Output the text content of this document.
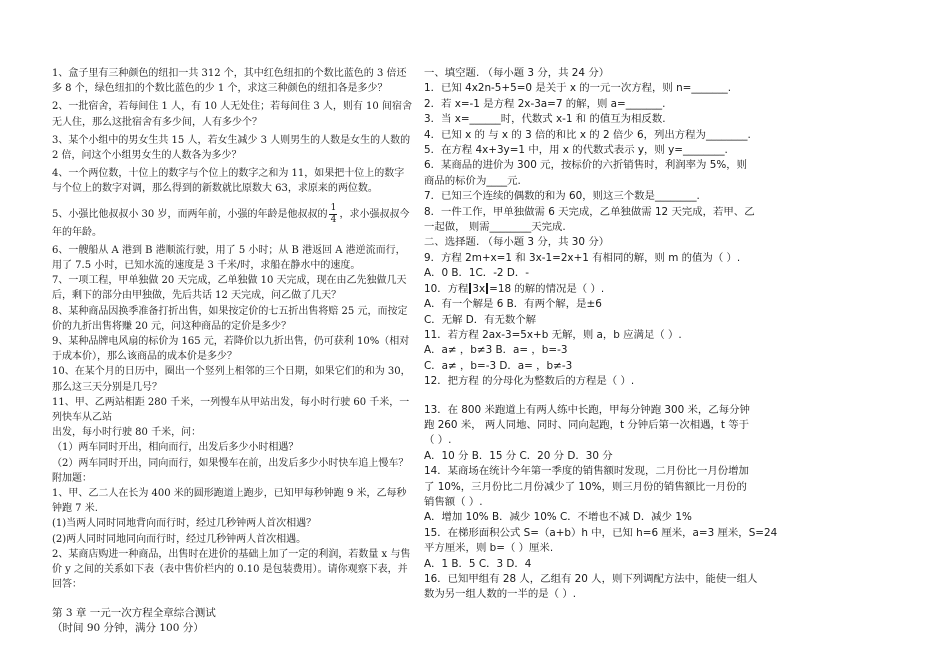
1、盒子里有三种颜色的纽扣一共 312 个，其中红色纽扣的个数比蓝色的 3 倍还多 8 个，绿色纽扣的个数比蓝色的少 1 个，求这三种颜色的纽扣各是多少？

2、一批宿舍，若每间住 1 人，有 10 人无处住；若每间住 3 人，则有 10 间宿舍无人住，那么这批宿舍有多少间，人有多少个？

3、某个小组中的男女生共 15 人，若女生减少 3 人则男生的人数是女生的人数的 2 倍，问这个小组男女生的人数各为多少？

4、一个两位数，十位上的数字与个位上的数字之和为 11，如果把十位上的数字与个位上的数字对调，那么得到的新数就比原数大 63，求原来的两位数。

5、小强比他叔叔小 30 岁，而两年前，小强的年龄是他叔叔的 $\frac{1}{4}$ ，求小强叔叔今年的年龄。

6、一艘船从 A 港到 B 港顺流行驶，用了 5 小时；从 B 港返回 A 港逆流而行，用了 7.5 小时，已知水流的速度是 3 千米/时，求船在静水中的速度。

7、一项工程，甲单独做 20 天完成，乙单独做 10 天完成，现在由乙先独做几天后，剩下的部分由甲独做，先后共话 12 天完成，问乙做了几天？

8、某种商品因换季准备打折出售，如果按定价的七五折出售将赔 25 元，而按定价的九折出售将赚 20 元，问这种商品的定价是多少？

9、某种品牌电风扇的标价为 165 元，若降价以九折出售，仍可获利 10%（相对于成本价），那么该商品的成本价是多少？

10、在某个月的日历中，圈出一个竖列上相邻的三个日期，如果它们的和为 30，那么这三天分别是几号？

11、甲、乙两站相距 280 千米，一列慢车从甲站出发，每小时行驶 60 千米，一列快车从乙站

出发，每小时行驶 80 千米，问：

（1）两车同时开出，相向而行，出发后多少小时相遇？

（2）两车同时开出，同向而行，如果慢车在前，出发后多少小时快车追上慢车？

附加题：

1、甲、乙二人在长为 400 米的圆形跑道上跑步，已知甲每秒钟跑 9 米，乙每秒钟跑 7 米.

(1)当两人同时同地背向而行时，经过几秒钟两人首次相遇？

(2)两人同时同地同向而行时，经过几秒钟两人首次相遇。

2、某商店购进一种商品，出售时在进价的基础上加了一定的利润，若数量 x 与售价 y 之间的关系如下表（表中售价栏内的 0.10 是包装费用）。请你观察下表，并回答：

第 3 章 一元一次方程全章综合测试

（时间 90 分钟，满分 100 分）

一、填空题. （每小题 3 分，共 24 分）

1．已知 4x2n-5+5=0 是关于 x 的一元一次方程，则 n=_______.

2．若 x=-1 是方程 2x-3a=7 的解，则 a=_______.

3．当 x=______时，代数式 x-1 和 的值互为相反数.

4．已知 x 的 与 x 的 3 倍的和比 x 的 2 倍少 6，列出方程为________.

5．在方程 4x+3y=1 中，用 x 的代数式表示 y，则 y=________.

6．某商品的进价为 300 元，按标价的六折销售时，利润率为 5%，则

商品的标价为____元.

7．已知三个连续的偶数的和为 60，则这三个数是________.

8．一件工作，甲单独做需 6 天完成，乙单独做需 12 天完成，若甲、乙

一起做， 则需________天完成.

二、选择题. （每小题 3 分，共 30 分）

9．方程 2m+x=1 和 3x-1=2x+1 有相同的解，则 m 的值为（ ）.

A．0 B．1C．-2 D．-

10．方程 3x =18 的解的情况是（ ）.

A．有一个解是 6 B．有两个解，是±6

C．无解 D．有无数个解

11．若方程 2ax-3=5x+b 无解，则 a，b 应满足（ ）.

A．a≠ ，b≠3 B．a= ，b=-3

C．a≠ ，b=-3 D．a= ，b≠-3

12．把方程 的分母化为整数后的方程是（ ）.

13．在 800 米跑道上有两人练中长跑，甲每分钟跑 300 米，乙每分钟

跑 260 米， 两人同地、同时、同向起跑，t 分钟后第一次相遇，t 等于

（ ）.

A．10 分 B．15 分 C．20 分 D．30 分

14．某商场在统计今年第一季度的销售额时发现，二月份比一月份增加

了 10%，三月份比二月份减少了 10%，则三月份的销售额比一月份的

销售额（ ）.

A．增加 10% B．减少 10% C．不增也不减 D．减少 1%

15．在梯形面积公式 S=（a+b）h 中，已知 h=6 厘米，a=3 厘米，S=24

平方厘米，则 b=（ ）厘米.

A．1 B．5 C．3 D．4

16．已知甲组有 28 人，乙组有 20 人，则下列调配方法中，能使一组人

数为另一组人数的一半的是（ ）.
